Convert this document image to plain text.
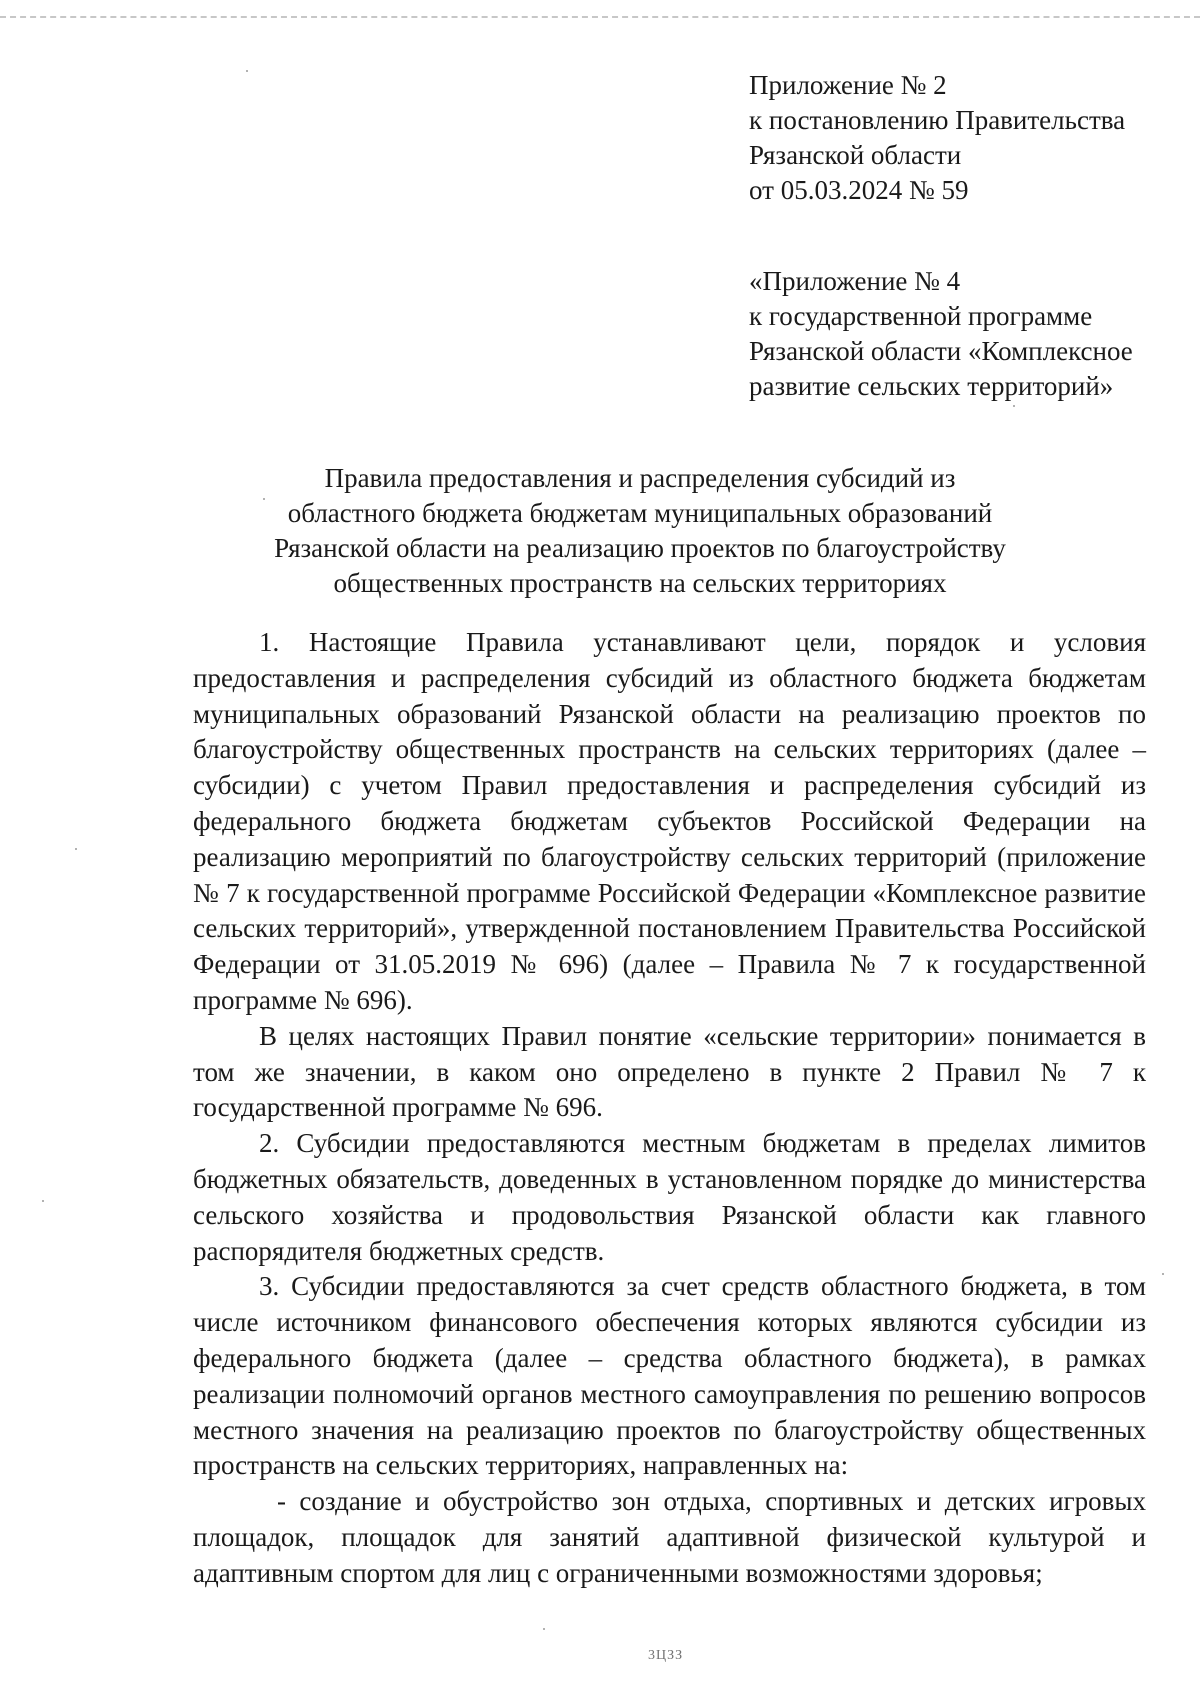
Приложение № 2
к постановлению Правительства
Рязанской области
от 05.03.2024 № 59
«Приложение № 4
к государственной программе
Рязанской области «Комплексное
развитие сельских территорий»
Правила предоставления и распределения субсидий из
областного бюджета бюджетам муниципальных образований
Рязанской области на реализацию проектов по благоустройству
общественных пространств на сельских территориях

1. Настоящие Правила устанавливают цели, порядок и условия предоставления и распределения субсидий из областного бюджета бюджетам муниципальных образований Рязанской области на реализацию проектов по благоустройству общественных пространств на сельских территориях (далее – субсидии) с учетом Правил предоставления и распределения субсидий из федерального бюджета бюджетам субъектов Российской Федерации на реализацию мероприятий по благоустройству сельских территорий (приложение № 7 к государственной программе Российской Федерации «Комплексное развитие сельских территорий», утвержденной постановлением Правительства Российской Федерации от 31.05.2019 № 696) (далее – Правила № 7 к государственной программе № 696).

В целях настоящих Правил понятие «сельские территории» понимается в том же значении, в каком оно определено в пункте 2 Правил № 7 к государственной программе № 696.

2. Субсидии предоставляются местным бюджетам в пределах лимитов бюджетных обязательств, доведенных в установленном порядке до министерства сельского хозяйства и продовольствия Рязанской области как главного распорядителя бюджетных средств.

3. Субсидии предоставляются за счет средств областного бюджета, в том числе источником финансового обеспечения которых являются субсидии из федерального бюджета (далее – средства областного бюджета), в рамках реализации полномочий органов местного самоуправления по решению вопросов местного значения на реализацию проектов по благоустройству общественных пространств на сельских территориях, направленных на:

- создание и обустройство зон отдыха, спортивных и детских игровых площадок, площадок для занятий адаптивной физической культурой и адаптивным спортом для лиц с ограниченными возможностями здоровья;

3ЦЗЗ
